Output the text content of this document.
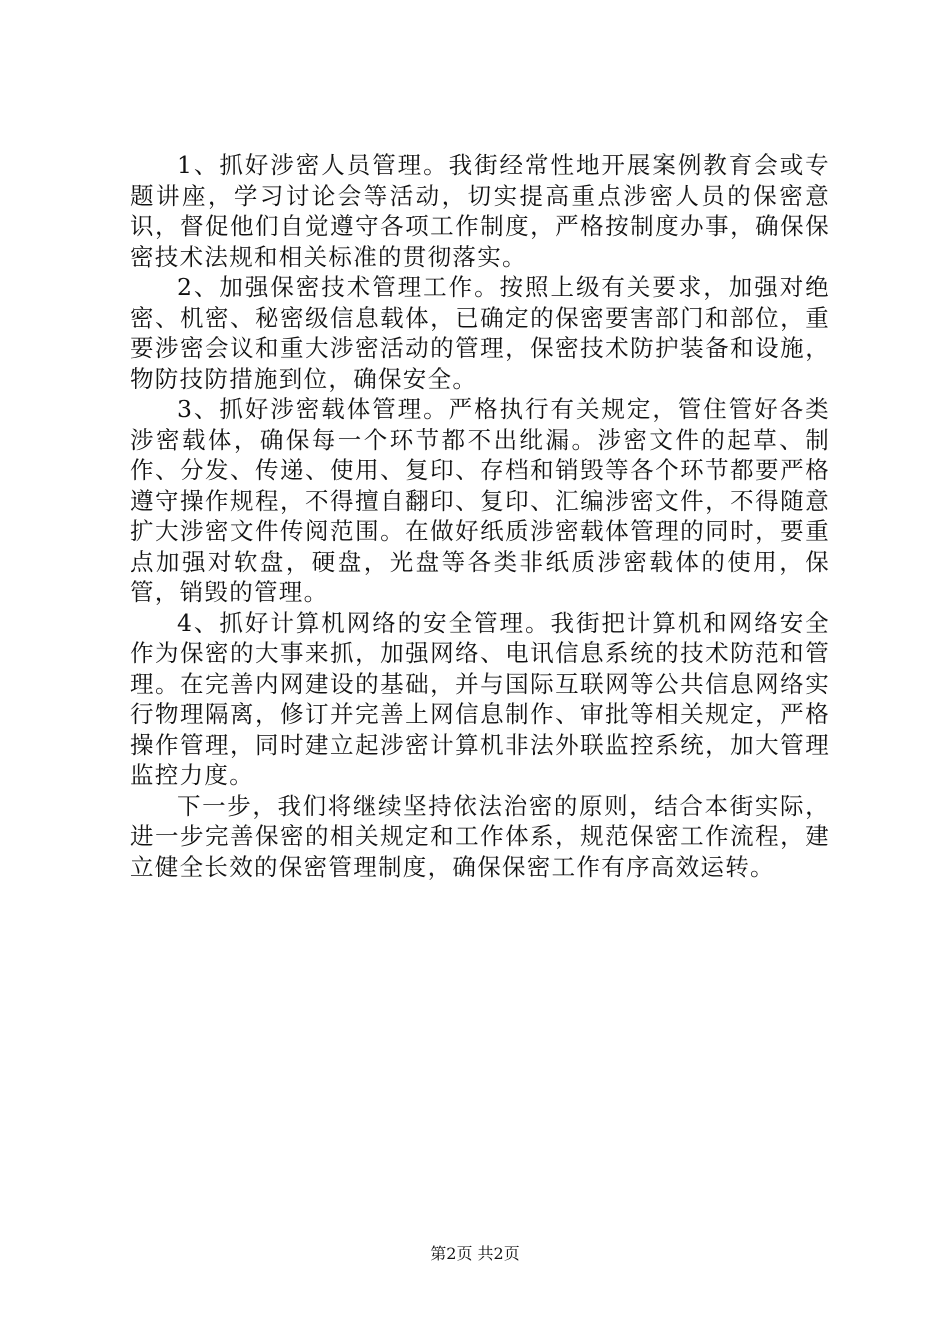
1、抓好涉密人员管理。我街经常性地开展案例教育会或专题讲座，学习讨论会等活动，切实提高重点涉密人员的保密意识，督促他们自觉遵守各项工作制度，严格按制度办事，确保保密技术法规和相关标准的贯彻落实。

2、加强保密技术管理工作。按照上级有关要求，加强对绝密、机密、秘密级信息载体，已确定的保密要害部门和部位，重要涉密会议和重大涉密活动的管理，保密技术防护装备和设施，物防技防措施到位，确保安全。

3、抓好涉密载体管理。严格执行有关规定，管住管好各类涉密载体，确保每一个环节都不出纰漏。涉密文件的起草、制作、分发、传递、使用、复印、存档和销毁等各个环节都要严格遵守操作规程，不得擅自翻印、复印、汇编涉密文件，不得随意扩大涉密文件传阅范围。在做好纸质涉密载体管理的同时，要重点加强对软盘，硬盘，光盘等各类非纸质涉密载体的使用，保管，销毁的管理。

4、抓好计算机网络的安全管理。我街把计算机和网络安全作为保密的大事来抓，加强网络、电讯信息系统的技术防范和管理。在完善内网建设的基础，并与国际互联网等公共信息网络实行物理隔离，修订并完善上网信息制作、审批等相关规定，严格操作管理，同时建立起涉密计算机非法外联监控系统，加大管理监控力度。

下一步，我们将继续坚持依法治密的原则，结合本街实际，进一步完善保密的相关规定和工作体系，规范保密工作流程，建立健全长效的保密管理制度，确保保密工作有序高效运转。

第2页 共2页
